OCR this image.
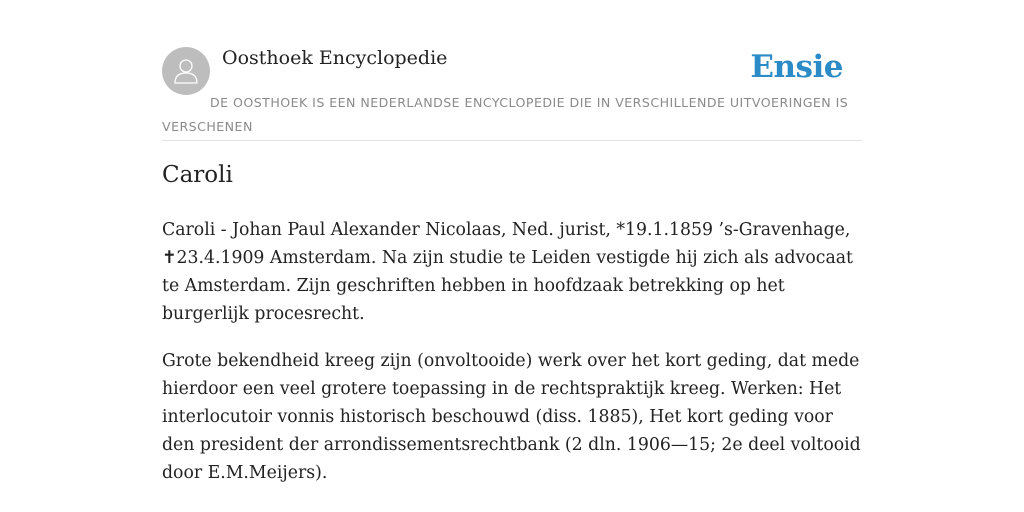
Oosthoek Encyclopedie	Ensie

DE OOSTHOEK IS EEN NEDERLANDSE ENCYCLOPEDIE DIE IN VERSCHILLENDE UITVOERINGEN IS VERSCHENEN

Caroli

Caroli - Johan Paul Alexander Nicolaas, Ned. jurist, *19.1.1859 ’s-Gravenhage, ✝23.4.1909 Amsterdam. Na zijn studie te Leiden vestigde hij zich als advocaat te Amsterdam. Zijn geschriften hebben in hoofdzaak betrekking op het burgerlijk procesrecht.

Grote bekendheid kreeg zijn (onvoltooide) werk over het kort geding, dat mede hierdoor een veel grotere toepassing in de rechtspraktijk kreeg. Werken: Het interlocutoir vonnis historisch beschouwd (diss. 1885), Het kort geding voor den president der arrondissementsrechtbank (2 dln. 1906—15; 2e deel voltooid door E.M.Meijers).
